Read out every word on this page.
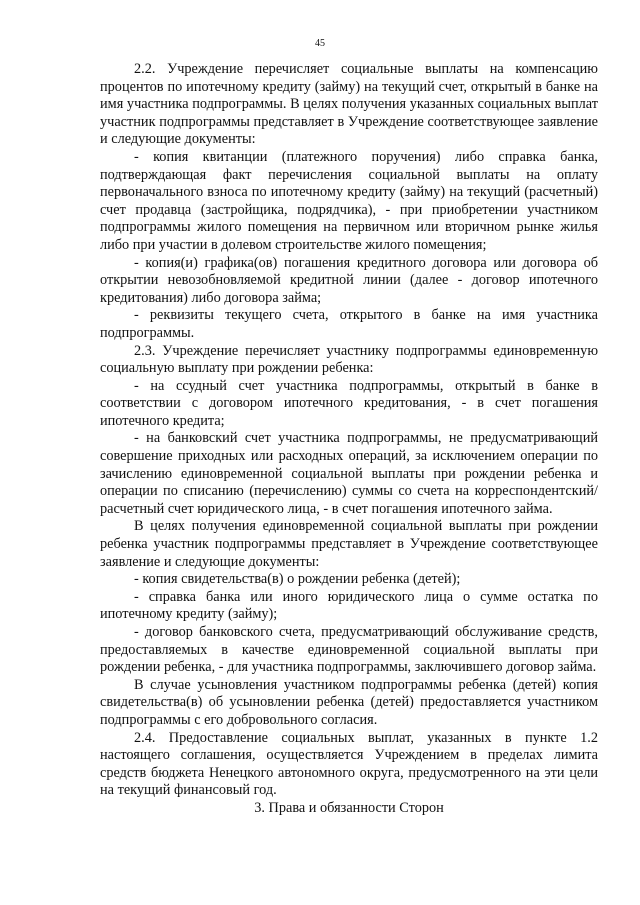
45

2.2. Учреждение перечисляет социальные выплаты на компенсацию процентов по ипотечному кредиту (займу) на текущий счет, открытый в банке на имя участника подпрограммы. В целях получения указанных социальных выплат участник подпрограммы представляет в Учреждение соответствующее заявление и следующие документы:

- копия квитанции (платежного поручения) либо справка банка, подтверждающая факт перечисления социальной выплаты на оплату первоначального взноса по ипотечному кредиту (займу) на текущий (расчетный) счет продавца (застройщика, подрядчика), - при приобретении участником подпрограммы жилого помещения на первичном или вторичном рынке жилья либо при участии в долевом строительстве жилого помещения;

- копия(и) графика(ов) погашения кредитного договора или договора об открытии невозобновляемой кредитной линии (далее - договор ипотечного кредитования) либо договора займа;

- реквизиты текущего счета, открытого в банке на имя участника подпрограммы.

2.3. Учреждение перечисляет участнику подпрограммы единовременную социальную выплату при рождении ребенка:

- на ссудный счет участника подпрограммы, открытый в банке в соответствии с договором ипотечного кредитования, - в счет погашения ипотечного кредита;

- на банковский счет участника подпрограммы, не предусматривающий совершение приходных или расходных операций, за исключением операции по зачислению единовременной социальной выплаты при рождении ребенка и операции по списанию (перечислению) суммы со счета на корреспондентский/расчетный счет юридического лица, - в счет погашения ипотечного займа.

В целях получения единовременной социальной выплаты при рождении ребенка участник подпрограммы представляет в Учреждение соответствующее заявление и следующие документы:

- копия свидетельства(в) о рождении ребенка (детей);

- справка банка или иного юридического лица о сумме остатка по ипотечному кредиту (займу);

- договор банковского счета, предусматривающий обслуживание средств, предоставляемых в качестве единовременной социальной выплаты при рождении ребенка, - для участника подпрограммы, заключившего договор займа.

В случае усыновления участником подпрограммы ребенка (детей) копия свидетельства(в) об усыновлении ребенка (детей) предоставляется участником подпрограммы с его добровольного согласия.

2.4. Предоставление социальных выплат, указанных в пункте 1.2 настоящего соглашения, осуществляется Учреждением в пределах лимита средств бюджета Ненецкого автономного округа, предусмотренного на эти цели на текущий финансовый год.

3. Права и обязанности Сторон
